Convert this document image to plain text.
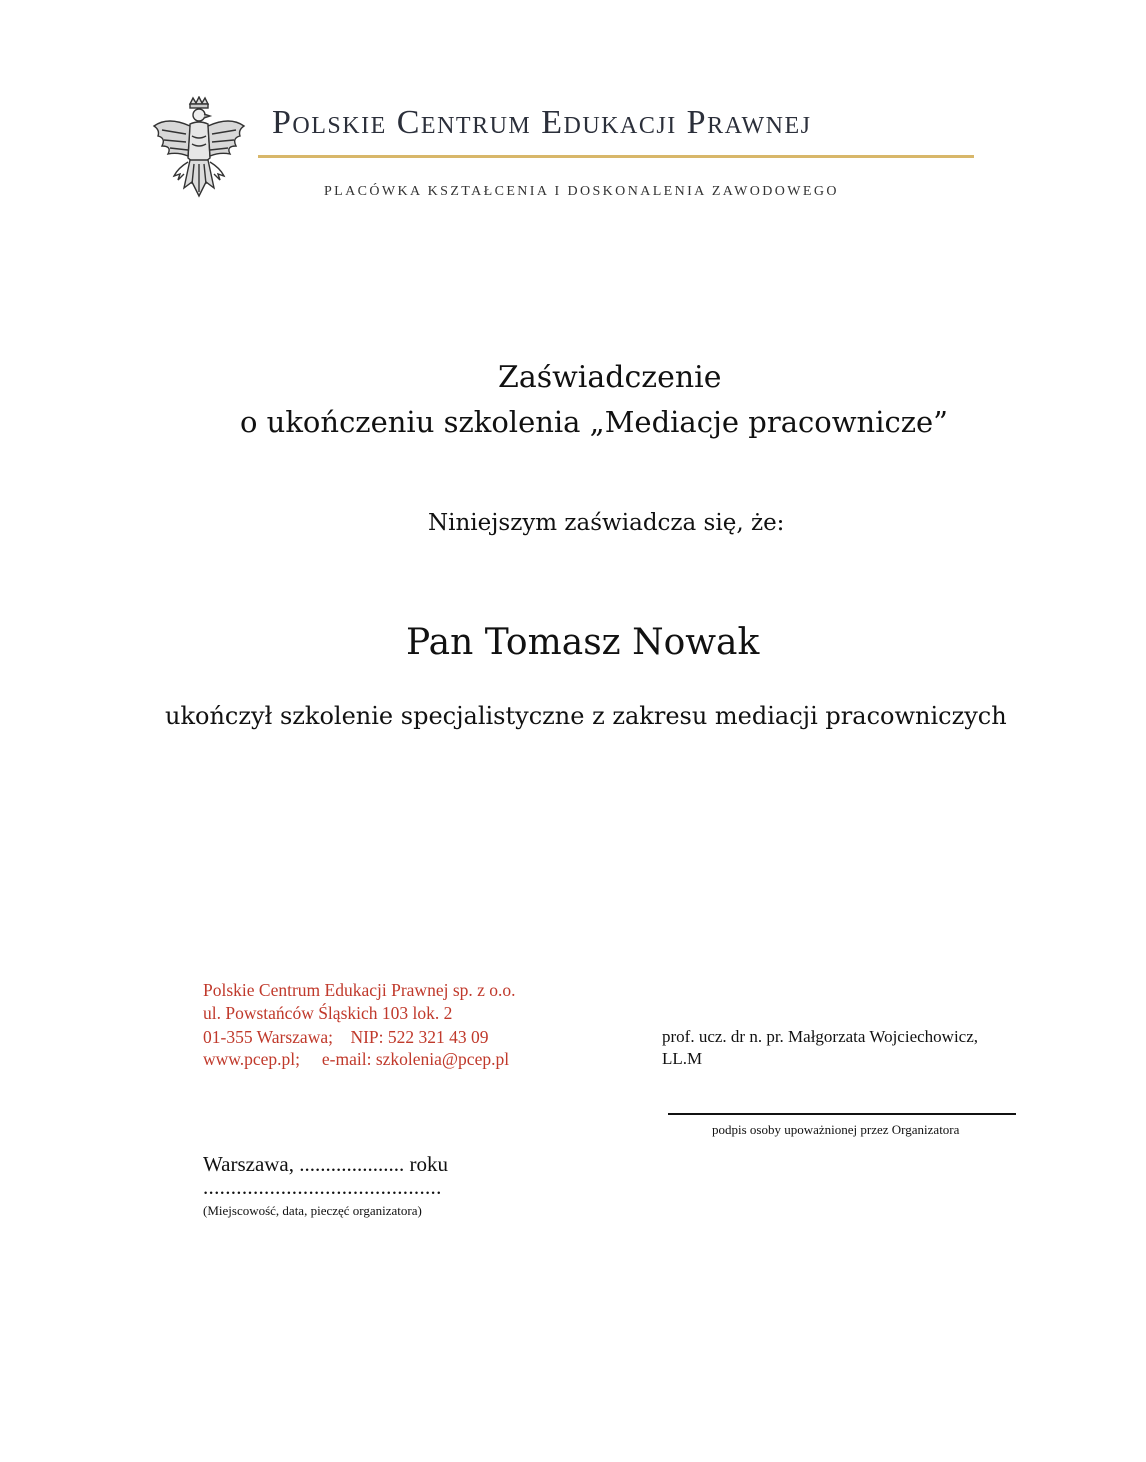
Polskie Centrum Edukacji Prawnej
PLACÓWKA KSZTAŁCENIA I DOSKONALENIA ZAWODOWEGO
Zaświadczenie
o ukończeniu szkolenia „Mediacje pracownicze”
Niniejszym zaświadcza się, że:
Pan Tomasz Nowak
ukończył szkolenie specjalistyczne z zakresu mediacji pracowniczych
Polskie Centrum Edukacji Prawnej sp. z o.o.
ul. Powstańców Śląskich 103 lok. 2
01-355 Warszawa;    NIP: 522 321 43 09
www.pcep.pl;     e-mail: szkolenia@pcep.pl
prof. ucz. dr n. pr. Małgorzata Wojciechowicz,
LL.M
podpis osoby upoważnionej przez Organizatora
Warszawa, .................... roku
...........................................
(Miejscowość, data, pieczęć organizatora)
